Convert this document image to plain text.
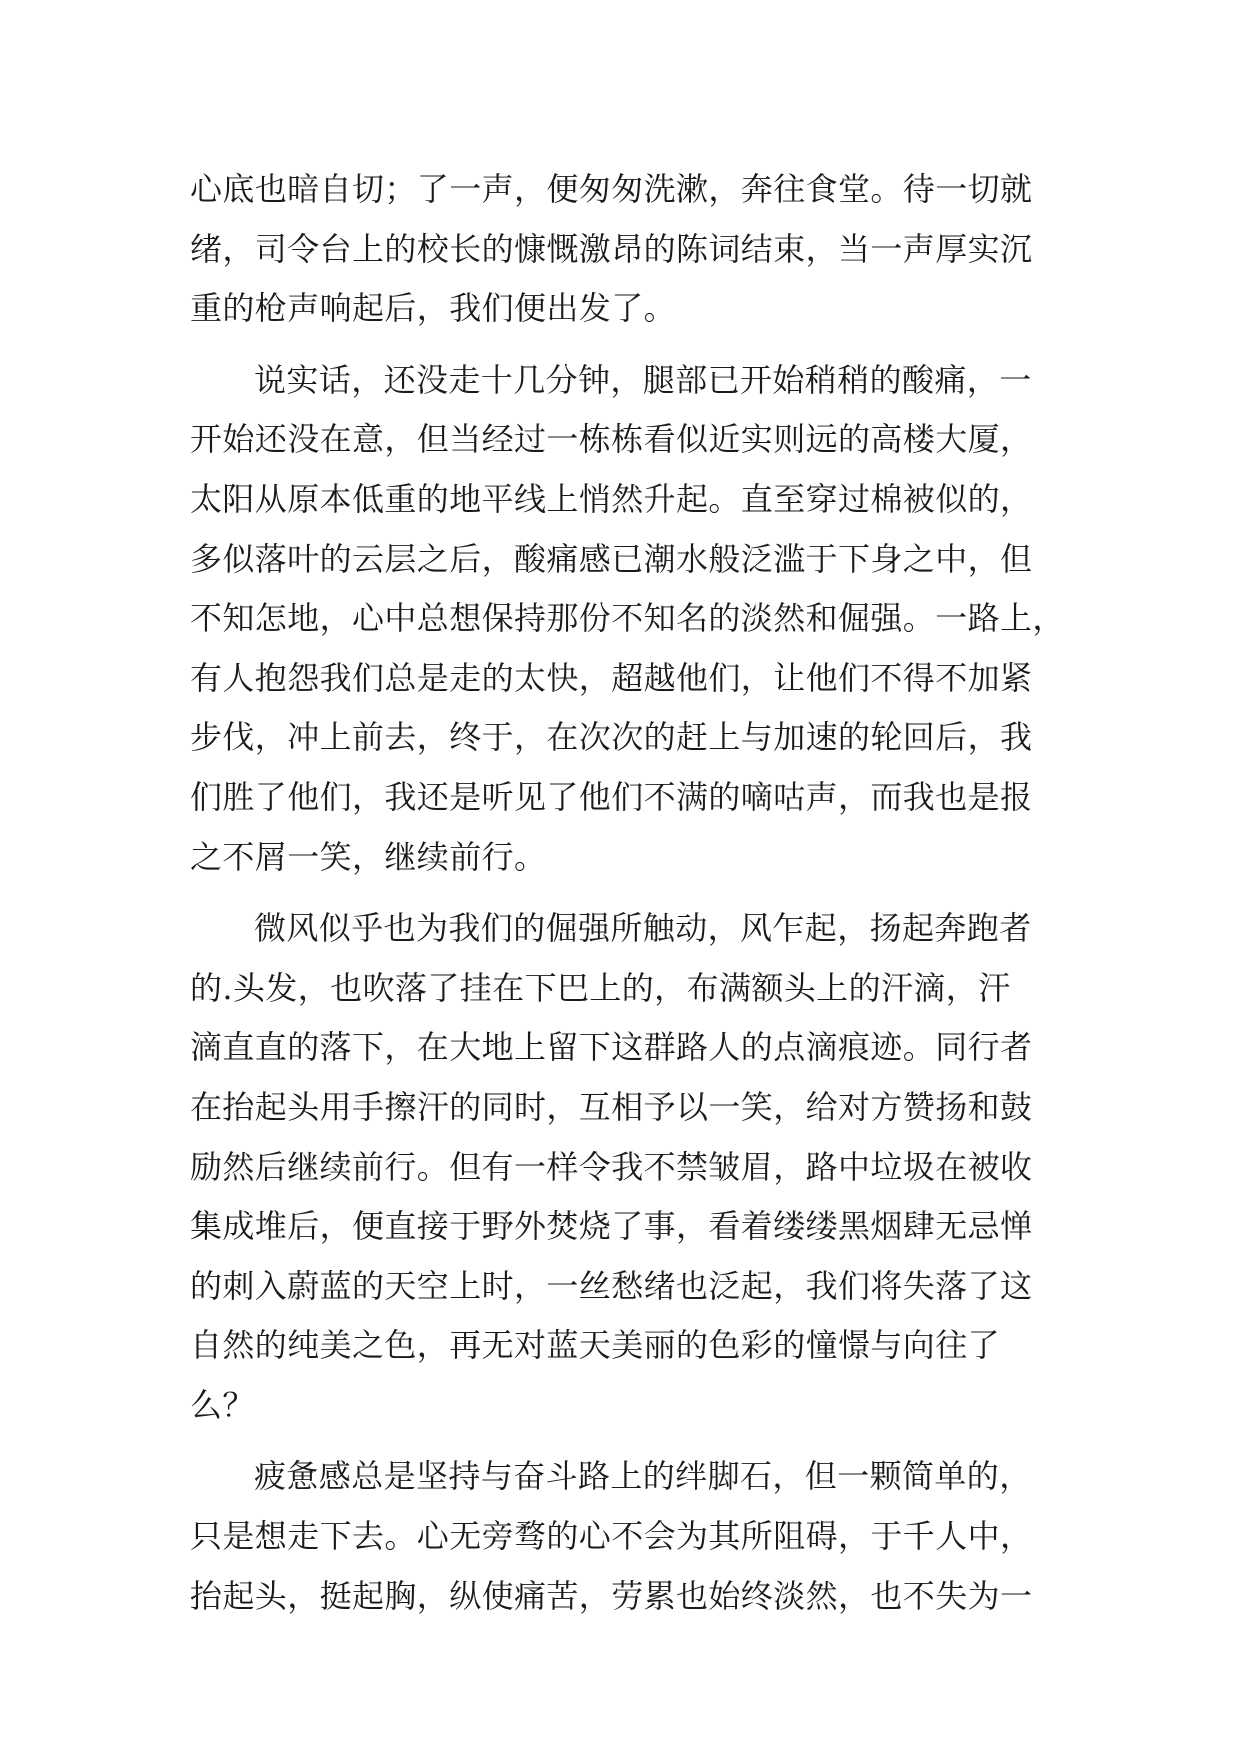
心底也暗自切；了一声，便匆匆洗漱，奔往食堂。待一切就
绪，司令台上的校长的慷慨激昂的陈词结束，当一声厚实沉
重的枪声响起后，我们便出发了。
说实话，还没走十几分钟，腿部已开始稍稍的酸痛，一
开始还没在意，但当经过一栋栋看似近实则远的高楼大厦，
太阳从原本低重的地平线上悄然升起。直至穿过棉被似的，
多似落叶的云层之后，酸痛感已潮水般泛滥于下身之中，但
不知怎地，心中总想保持那份不知名的淡然和倔强。一路上，
有人抱怨我们总是走的太快，超越他们，让他们不得不加紧
步伐，冲上前去，终于，在次次的赶上与加速的轮回后，我
们胜了他们，我还是听见了他们不满的嘀咕声，而我也是报
之不屑一笑，继续前行。
微风似乎也为我们的倔强所触动，风乍起，扬起奔跑者
的.头发，也吹落了挂在下巴上的，布满额头上的汗滴，汗
滴直直的落下，在大地上留下这群路人的点滴痕迹。同行者
在抬起头用手擦汗的同时，互相予以一笑，给对方赞扬和鼓
励然后继续前行。但有一样令我不禁皱眉，路中垃圾在被收
集成堆后，便直接于野外焚烧了事，看着缕缕黑烟肆无忌惮
的刺入蔚蓝的天空上时，一丝愁绪也泛起，我们将失落了这
自然的纯美之色，再无对蓝天美丽的色彩的憧憬与向往了
么？
疲惫感总是坚持与奋斗路上的绊脚石，但一颗简单的，
只是想走下去。心无旁骛的心不会为其所阻碍，于千人中，
抬起头，挺起胸，纵使痛苦，劳累也始终淡然，也不失为一
